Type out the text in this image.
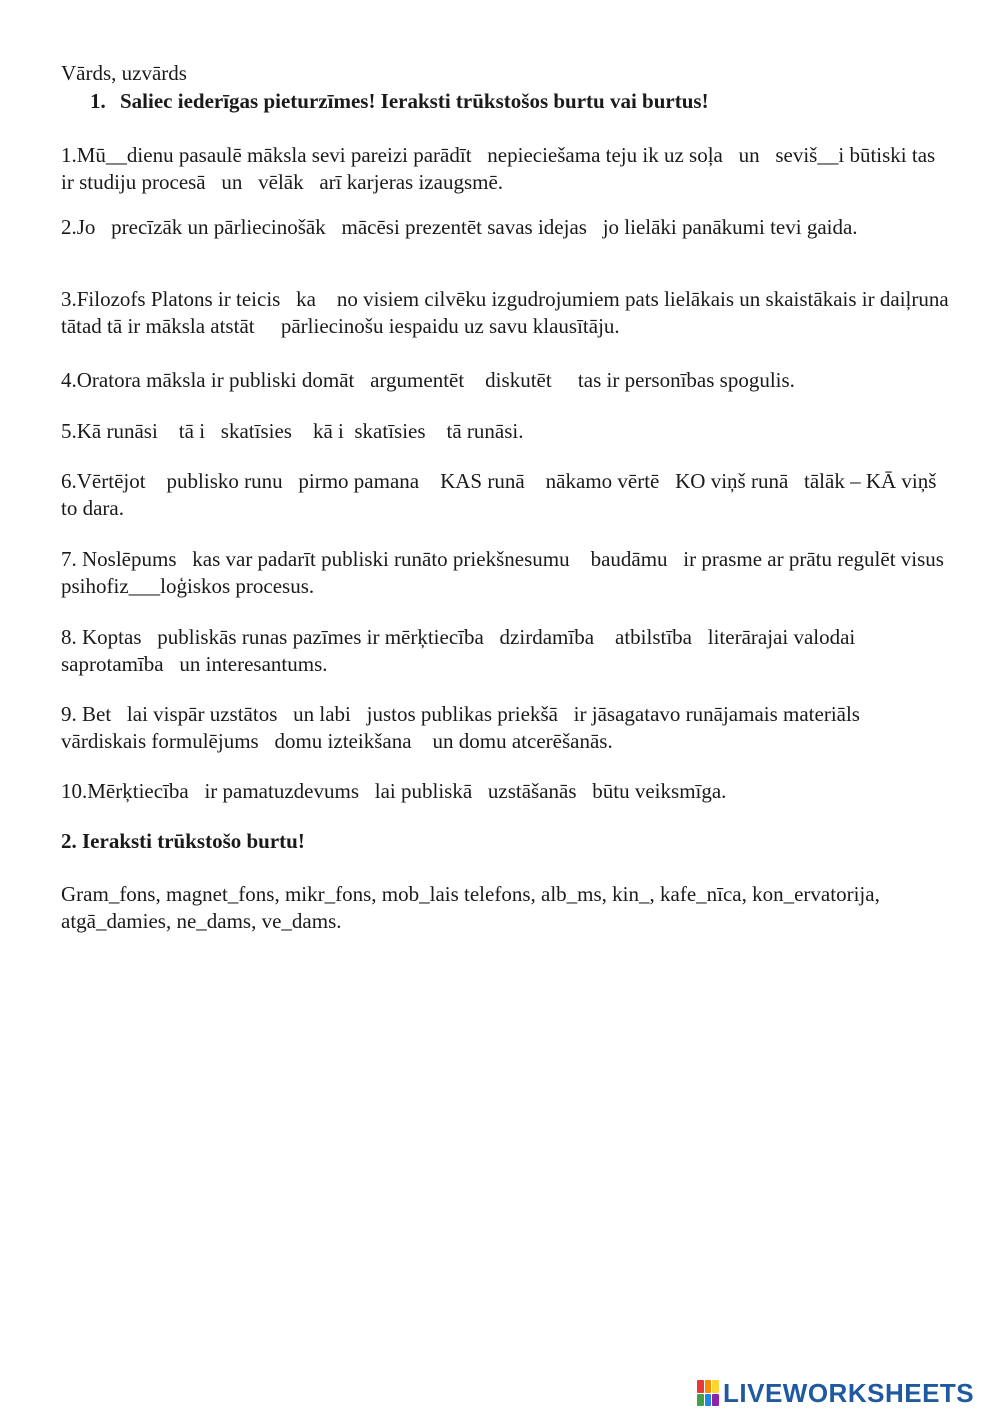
Vārds, uzvārds
1. Saliec iederīgas pieturzīmes! Ieraksti trūkstošos burtu vai burtus!
1.Mū__dienu pasaulē māksla sevi pareizi parādīt   nepieciešama teju ik uz soļa   un   seviš__i būtiski tas ir studiju procesā   un   vēlāk   arī karjeras izaugsmē.
2.Jo   precīzāk un pārliecinošāk   mācēsi prezentēt savas idejas   jo lielāki panākumi tevi gaida.
3.Filozofs Platons ir teicis   ka    no visiem cilvēku izgudrojumiem pats lielākais un skaistākais ir daiļruna      tātad tā ir māksla atstāt     pārliecinošu iespaidu uz savu klausītāju.
4.Oratora māksla ir publiski domāt   argumentēt    diskutēt     tas ir personības spogulis.
5.Kā runāsi    tā i   skatīsies    kā i  skatīsies    tā runāsi.
6.Vērtējot    publisko runu   pirmo pamana    KAS runā    nākamo vērtē   KO viņš runā   tālāk – KĀ viņš to dara.
7. Noslēpums   kas var padarīt publiski runāto priekšnesumu    baudāmu   ir prasme ar prātu regulēt visus psihofiz___loģiskos procesus.
8. Koptas   publiskās runas pazīmes ir mērķtiecība   dzirdamība    atbilstība   literārajai valodai   saprotamība   un interesantums.
9. Bet   lai vispār uzstātos   un labi   justos publikas priekšā   ir jāsagatavo runājamais materiāls   vārdiskais formulējums   domu izteikšana    un domu atcerēšanās.
10.Mērķtiecība   ir pamatuzdevums   lai publiskā   uzstāšanās   būtu veiksmīga.
2. Ieraksti trūkstošo burtu!
Gram_fons, magnet_fons, mikr_fons, mob_lais telefons, alb_ms, kin_, kafe_nīca, kon_ervatorija, atgā_damies, ne_dams, ve_dams.
LIVEWORKSHEETS
